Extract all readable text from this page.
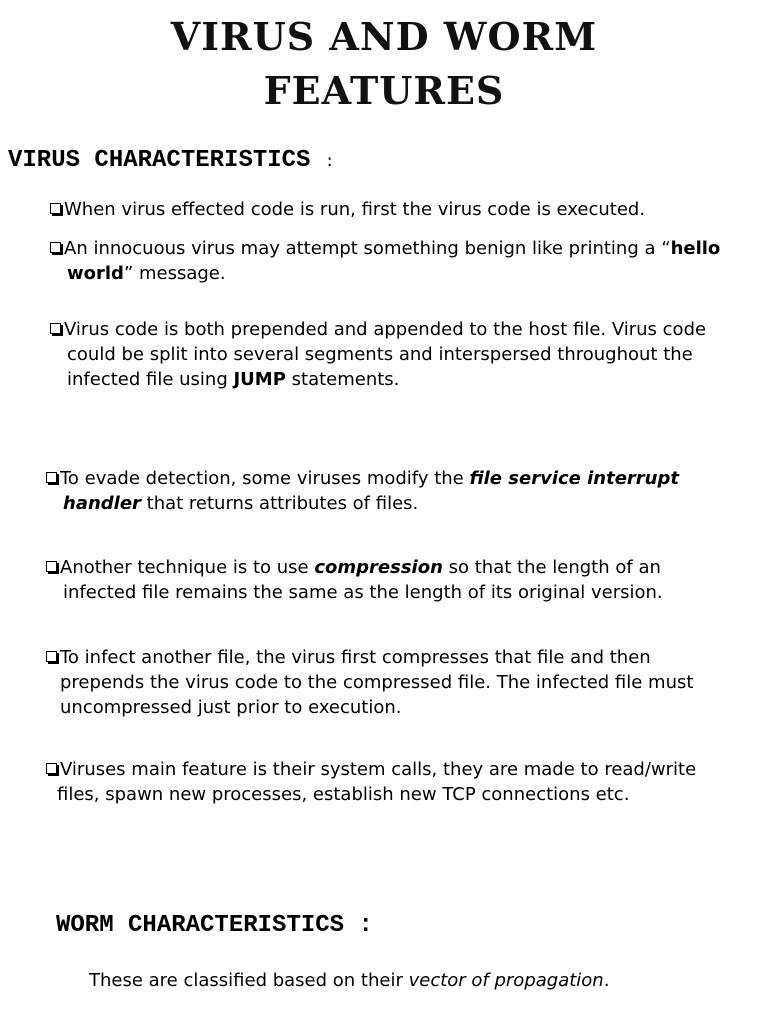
VIRUS AND WORM
FEATURES
VIRUS CHARACTERISTICS :
When virus effected code is run, first the virus code is executed.
An innocuous virus may attempt something benign like printing a “hello
world” message.
Virus code is both prepended and appended to the host file. Virus code
could be split into several segments and interspersed throughout the
infected file using JUMP statements.
To evade detection, some viruses modify the file service interrupt
handler that returns attributes of files.
Another technique is to use compression so that the length of an
infected file remains the same as the length of its original version.
To infect another file, the virus first compresses that file and then
prepends the virus code to the compressed file. The infected file must
uncompressed just prior to execution.
Viruses main feature is their system calls, they are made to read/write
files, spawn new processes, establish new TCP connections etc.
WORM CHARACTERISTICS :
These are classified based on their vector of propagation.
